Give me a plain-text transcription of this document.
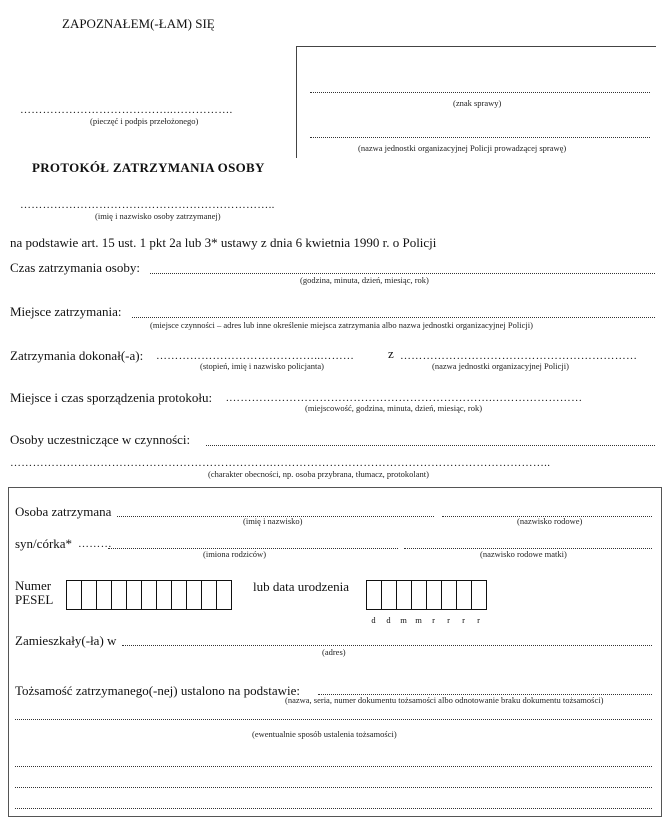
ZAPOZNAŁEM(-ŁAM) SIĘ
…………………………………..…………….
(pieczęć i podpis przełożonego)
(znak sprawy)
(nazwa jednostki organizacyjnej Policji prowadzącej sprawę)
PROTOKÓŁ ZATRZYMANIA OSOBY
…………………………………………………………..
(imię i nazwisko osoby zatrzymanej)
na podstawie art. 15 ust. 1 pkt 2a lub 3* ustawy z dnia 6 kwietnia 1990 r. o Policji
Czas zatrzymania osoby:
(godzina, minuta, dzień, miesiąc, rok)
Miejsce zatrzymania:
(miejsce czynności – adres lub inne określenie miejsca zatrzymania albo nazwa jednostki organizacyjnej Policji)
Zatrzymania dokonał(-a): ……………………………………..………	z ………………………………………………………
(stopień, imię i nazwisko policjanta)	(nazwa jednostki organizacyjnej Policji)
Miejsce i czas sporządzenia protokołu: .…………………………………………………………….……………………
(miejscowość, godzina, minuta, dzień, miesiąc, rok)
Osoby uczestniczące w czynności:
…………………………………………………………….………………………………………………………………..
(charakter obecności, np. osoba przybrana, tłumacz, protokolant)
Osoba zatrzymana
(imię i nazwisko)	(nazwisko rodowe)
syn/córka* ………
(imiona rodziców)	(nazwisko rodowe matki)
Numer
PESEL
lub data urodzenia
d	d	m m	r	r	r	r
Zamieszkały(-ła) w
(adres)
Tożsamość zatrzymanego(-nej) ustalono na podstawie:
(nazwa, seria, numer dokumentu tożsamości albo odnotowanie braku dokumentu tożsamości)
(ewentualnie sposób ustalenia tożsamości)
